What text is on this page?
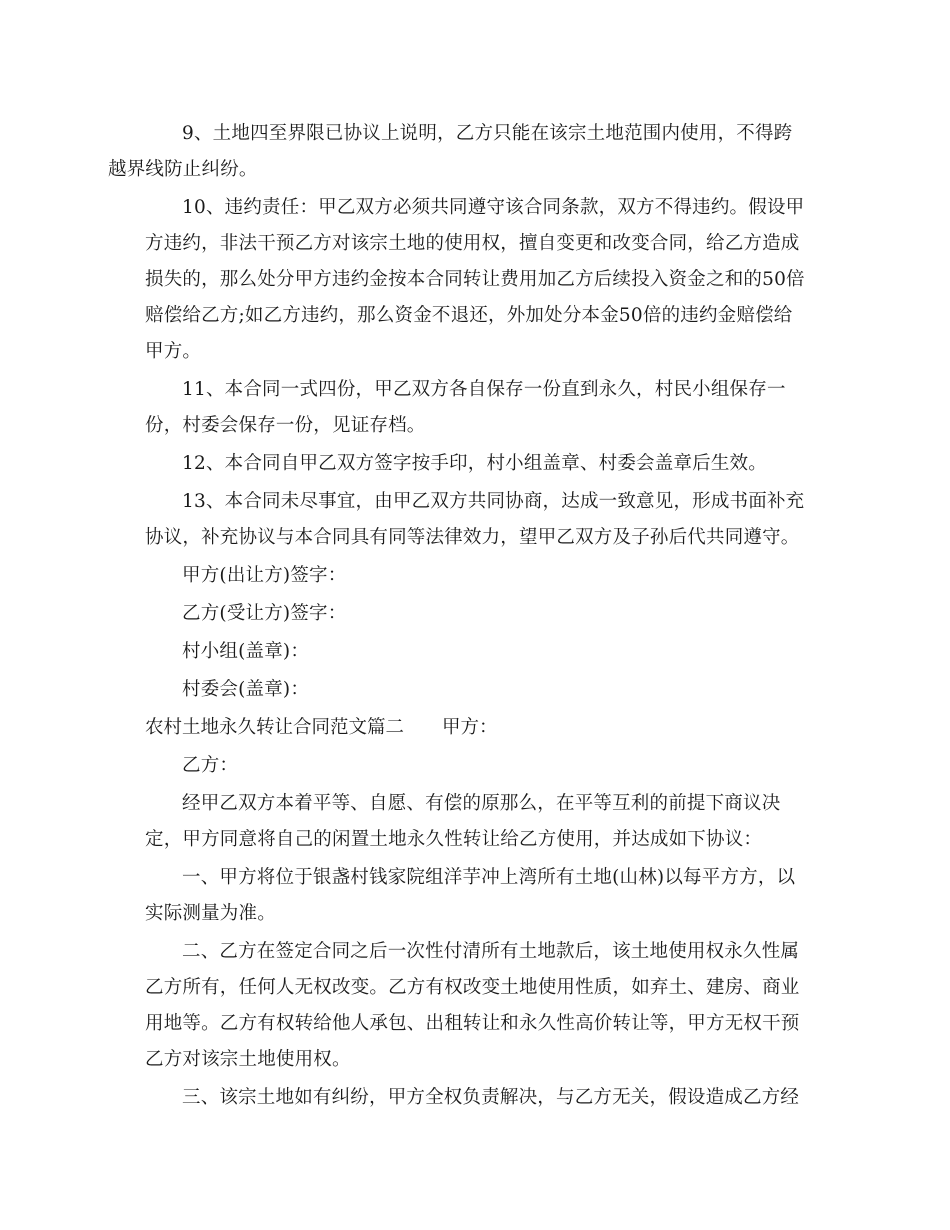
9、土地四至界限已协议上说明，乙方只能在该宗土地范围内使用，不得跨
越界线防止纠纷。
10、违约责任：甲乙双方必须共同遵守该合同条款，双方不得违约。假设甲
方违约，非法干预乙方对该宗土地的使用权，擅自变更和改变合同，给乙方造成
损失的，那么处分甲方违约金按本合同转让费用加乙方后续投入资金之和的50倍
赔偿给乙方;如乙方违约，那么资金不退还，外加处分本金50倍的违约金赔偿给
甲方。
11、本合同一式四份，甲乙双方各自保存一份直到永久，村民小组保存一
份，村委会保存一份，见证存档。
12、本合同自甲乙双方签字按手印，村小组盖章、村委会盖章后生效。
13、本合同未尽事宜，由甲乙双方共同协商，达成一致意见，形成书面补充
协议，补充协议与本合同具有同等法律效力，望甲乙双方及子孙后代共同遵守。
甲方(出让方)签字：
乙方(受让方)签字：
村小组(盖章)：
村委会(盖章)：
农村土地永久转让合同范文篇二 甲方：
乙方：
经甲乙双方本着平等、自愿、有偿的原那么，在平等互利的前提下商议决
定，甲方同意将自己的闲置土地永久性转让给乙方使用，并达成如下协议：
一、甲方将位于银盏村钱家院组洋芋冲上湾所有土地(山林)以每平方方，以
实际测量为准。
二、乙方在签定合同之后一次性付清所有土地款后，该土地使用权永久性属
乙方所有，任何人无权改变。乙方有权改变土地使用性质，如弃土、建房、商业
用地等。乙方有权转给他人承包、出租转让和永久性高价转让等，甲方无权干预
乙方对该宗土地使用权。
三、该宗土地如有纠纷，甲方全权负责解决，与乙方无关，假设造成乙方经
